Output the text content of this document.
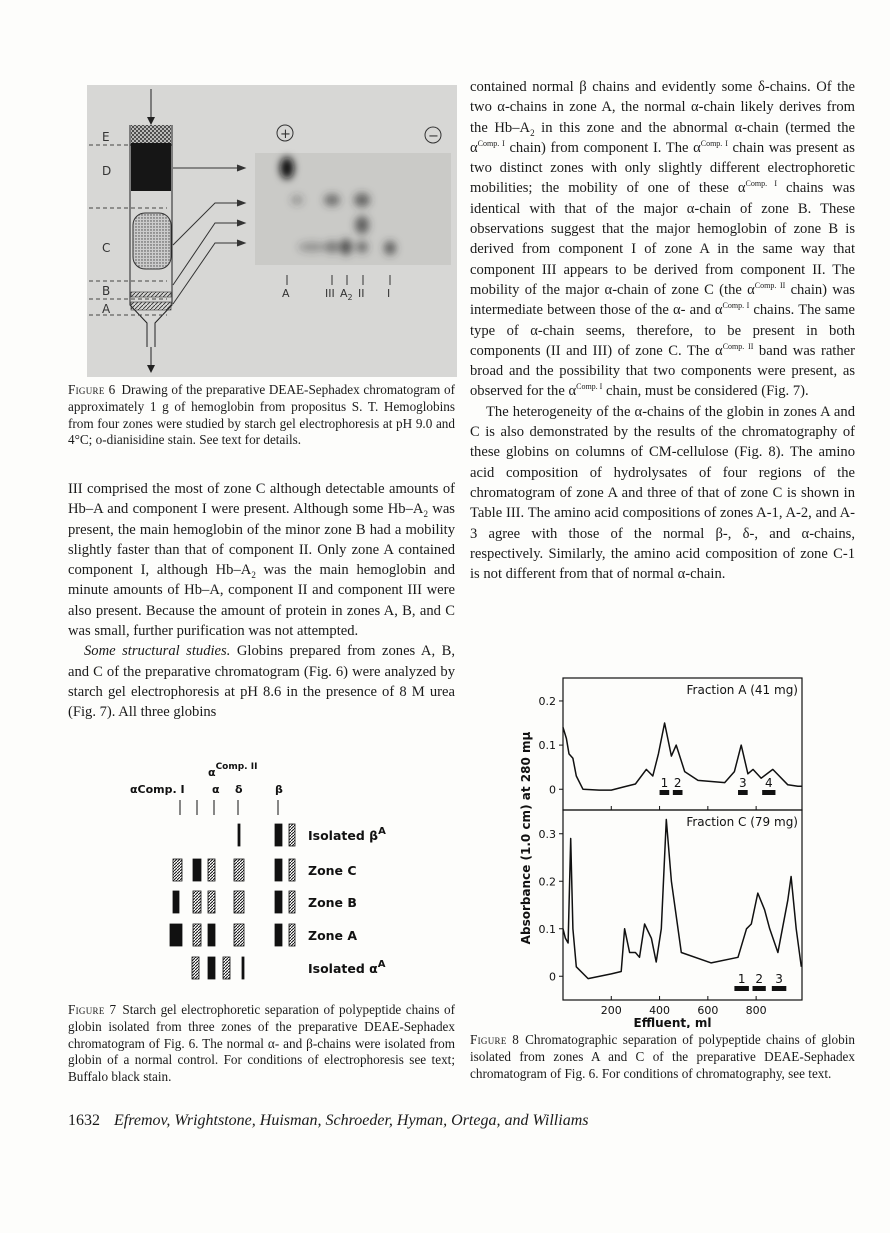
E
D
C
B
A
+	−
A	III $A_2$ II I
Figure 6 Drawing of the preparative DEAE-Sephadex chromatogram of approximately 1 g of hemoglobin from propositus S. T. Hemoglobins from four zones were studied by starch gel electrophoresis at pH 9.0 and 4°C; o-dianisidine stain. See text for details.

III comprised the most of zone C although detectable amounts of Hb–A and component I were present. Although some $Hb-A_2$ was present, the main hemoglobin of the minor zone B had a mobility slightly faster than that of component II. Only zone A contained component I, although $Hb-A_2$ was the main hemoglobin and minute amounts of Hb–A, component II and component III were also present. Because the amount of protein in zones A, B, and C was small, further purification was not attempted.

Some structural studies. Globins prepared from zones A, B, and C of the preparative chromatogram (Fig. 6) were analyzed by starch gel electrophoresis at pH 8.6 in the presence of 8 M urea (Fig. 7). All three globins

αComp. I
$\alpha^{Comp. II}$
α δ	β
Isolated $\beta^A$
Zone C
Zone B
Zone A
Isolated $\alpha^A$
Figure 7 Starch gel electrophoretic separation of polypeptide chains of globin isolated from three zones of the preparative DEAE-Sephadex chromatogram of Fig. 6. The normal α- and β-chains were isolated from globin of a normal control. For conditions of electrophoresis see text; Buffalo black stain.

contained normal β chains and evidently some δ-chains. Of the two α-chains in zone A, the normal α-chain likely derives from the $Hb-A_2$ in this zone and the abnormal α-chain (termed the $\alpha^{Comp. I}$ chain) from component I. The $\alpha^{Comp. I}$ chain was present as two distinct zones with only slightly different electrophoretic mobilities; the mobility of one of these $\alpha^{Comp. I}$ chains was identical with that of the major α-chain of zone B. These observations suggest that the major hemoglobin of zone B is derived from component I of zone A in the same way that component III appears to be derived from component II. The mobility of the major α-chain of zone C (the $\alpha^{Comp. II}$ chain) was intermediate between those of the α- and $\alpha^{Comp. I}$ chains. The same type of α-chain seems, therefore, to be present in both components (II and III) of zone C. The $\alpha^{Comp. II}$ band was rather broad and the possibility that two components were present, as observed for the $\alpha^{Comp. I}$ chain, must be considered (Fig. 7).

The heterogeneity of the α-chains of the globin in zones A and C is also demonstrated by the results of the chromatography of these globins on columns of CM-cellulose (Fig. 8). The amino acid composition of hydrolysates of four regions of the chromatogram of zone A and three of that of zone C is shown in Table III. The amino acid compositions of zones A-1, A-2, and A-3 agree with those of the normal β-, δ-, and α-chains, respectively. Similarly, the amino acid composition of zone C-1 is not different from that of normal α-chain.

0
0.1
0.2
Fraction A (41 mg)
1 2	3 4
0
0.1
0.2
0.3
Fraction C (79 mg)
1 2 3
200 400 600 800
Effluent, ml
Absorbance (1.0 cm) at 280 mμ
Figure 8 Chromatographic separation of polypeptide chains of globin isolated from zones A and C of the preparative DEAE-Sephadex chromatogram of Fig. 6. For conditions of chromatography, see text.
1632 Efremov, Wrightstone, Huisman, Schroeder, Hyman, Ortega, and Williams
